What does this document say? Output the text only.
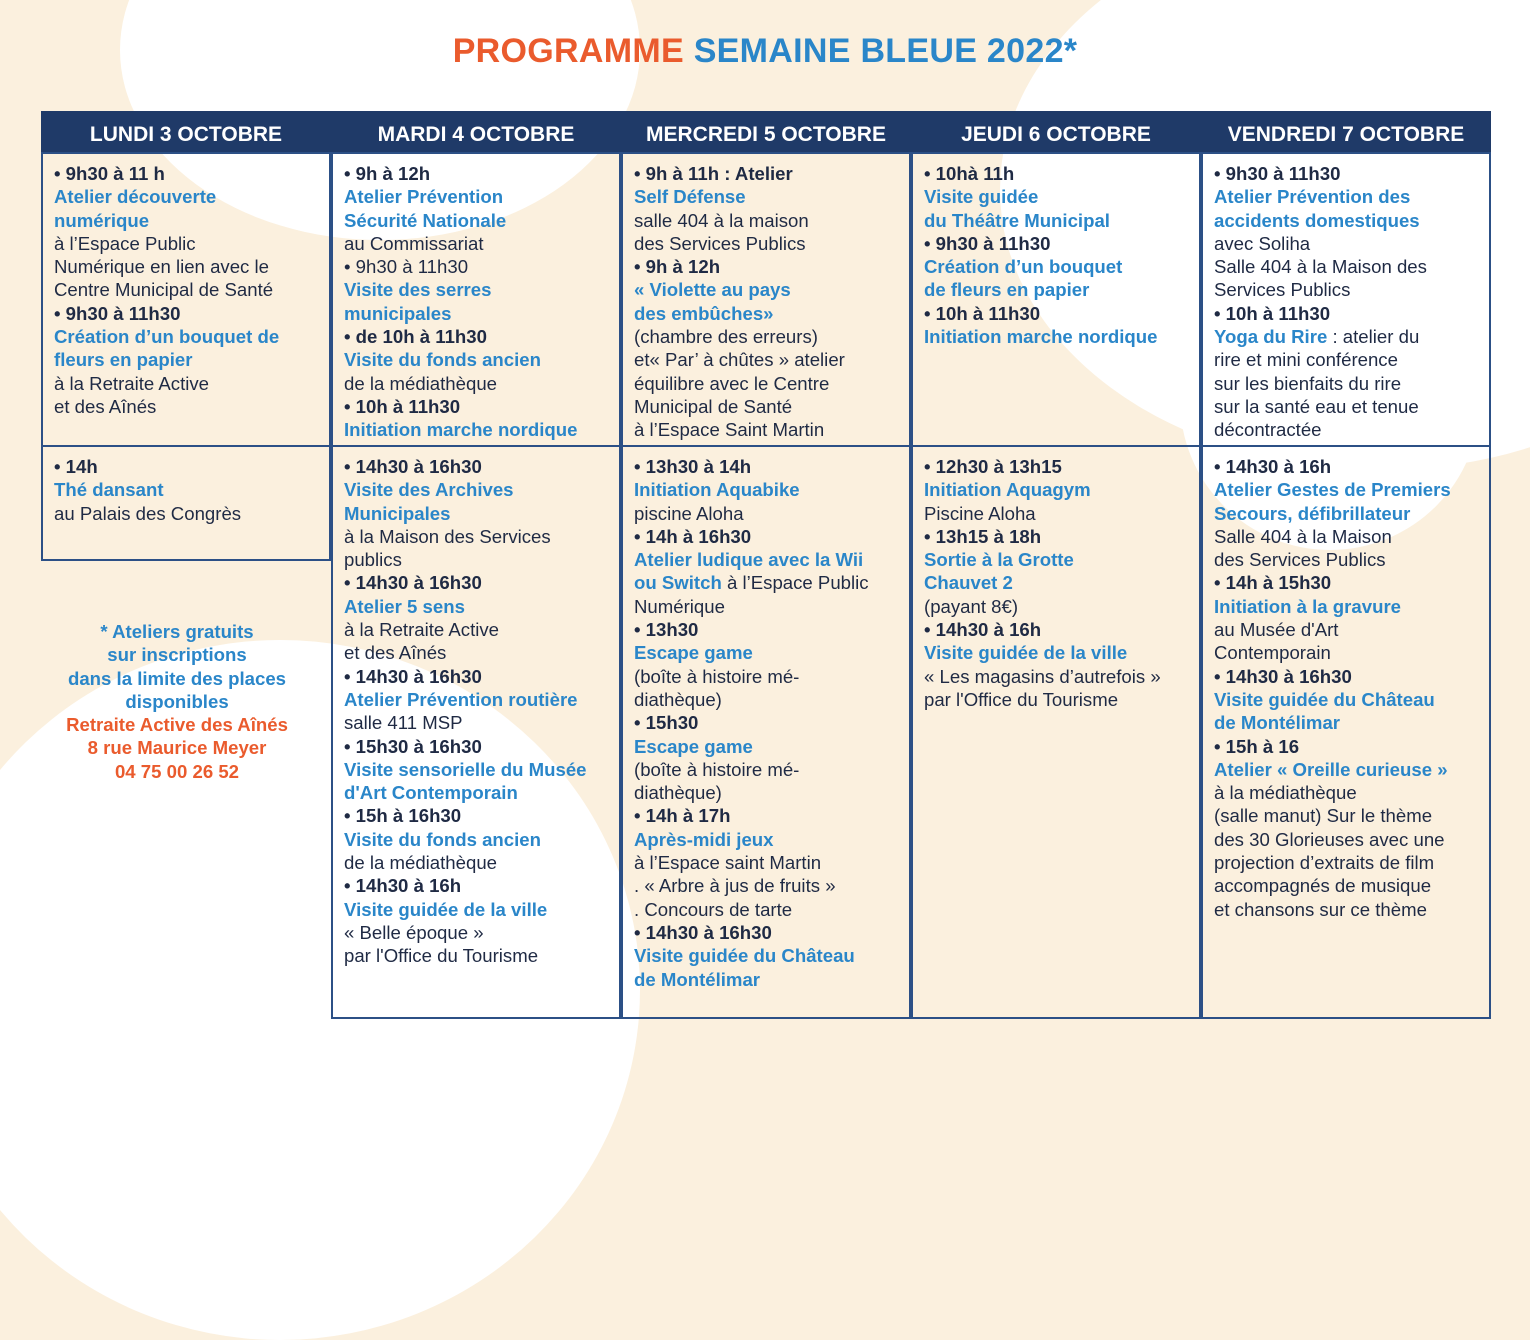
PROGRAMME SEMAINE BLEUE 2022*
LUNDI 3 OCTOBRE
• 9h30 à 11 h
Atelier découverte
numérique
à l’Espace Public
Numérique en lien avec le
Centre Municipal de Santé
• 9h30 à 11h30
Création d’un bouquet de
fleurs en papier
à la Retraite Active
et des Aînés
• 14h
Thé dansant
au Palais des Congrès
MARDI 4 OCTOBRE
• 9h à 12h
Atelier Prévention
Sécurité Nationale
au Commissariat
• 9h30 à 11h30
Visite des serres
municipales
• de 10h à 11h30
Visite du fonds ancien
de la médiathèque
• 10h à 11h30
Initiation marche nordique
• 14h30 à 16h30
Visite des Archives
Municipales
à la Maison des Services
publics
• 14h30 à 16h30
Atelier 5 sens
à la Retraite Active
et des Aînés
• 14h30 à 16h30
Atelier Prévention routière
salle 411 MSP
• 15h30 à 16h30
Visite sensorielle du Musée
d'Art Contemporain
• 15h à 16h30
Visite du fonds ancien
de la médiathèque
• 14h30 à 16h
Visite guidée de la ville
« Belle époque »
par l'Office du Tourisme
MERCREDI 5 OCTOBRE
• 9h à 11h : Atelier
Self Défense
salle 404 à la maison
des Services Publics
• 9h à 12h
« Violette au pays
des embûches»
(chambre des erreurs)
et« Par’ à chûtes » atelier
équilibre avec le Centre
Municipal de Santé
à l’Espace Saint Martin
• 13h30 à 14h
Initiation Aquabike
piscine Aloha
• 14h à 16h30
Atelier ludique avec la Wii
ou Switch à l’Espace Public
Numérique
• 13h30
Escape game
(boîte à histoire mé-
diathèque)
• 15h30
Escape game
(boîte à histoire mé-
diathèque)
• 14h à 17h
Après-midi jeux
à l’Espace saint Martin
. « Arbre à jus de fruits »
. Concours de tarte
• 14h30 à 16h30
Visite guidée du Château
de Montélimar
JEUDI 6 OCTOBRE
• 10hà 11h
Visite guidée
du Théâtre Municipal
• 9h30 à 11h30
Création d’un bouquet
de fleurs en papier
• 10h à 11h30
Initiation marche nordique
• 12h30 à 13h15
Initiation Aquagym
Piscine Aloha
• 13h15 à 18h
Sortie à la Grotte
Chauvet 2
(payant 8€)
• 14h30 à 16h
Visite guidée de la ville
« Les magasins d’autrefois »
par l'Office du Tourisme
VENDREDI 7 OCTOBRE
• 9h30 à 11h30
Atelier Prévention des
accidents domestiques
avec Soliha
Salle 404 à la Maison des
Services Publics
• 10h à 11h30
Yoga du Rire : atelier du
rire et mini conférence
sur les bienfaits du rire
sur la santé eau et tenue
décontractée
• 14h30 à 16h
Atelier Gestes de Premiers
Secours, défibrillateur
Salle 404 à la Maison
des Services Publics
• 14h à 15h30
Initiation à la gravure
au Musée d'Art
Contemporain
• 14h30 à 16h30
Visite guidée du Château
de Montélimar
• 15h à 16
Atelier « Oreille curieuse »
à la médiathèque
(salle manut) Sur le thème
des 30 Glorieuses avec une
projection d’extraits de film
accompagnés de musique
et chansons sur ce thème
* Ateliers gratuits
sur inscriptions
dans la limite des places
disponibles
Retraite Active des Aînés
8 rue Maurice Meyer
04 75 00 26 52
